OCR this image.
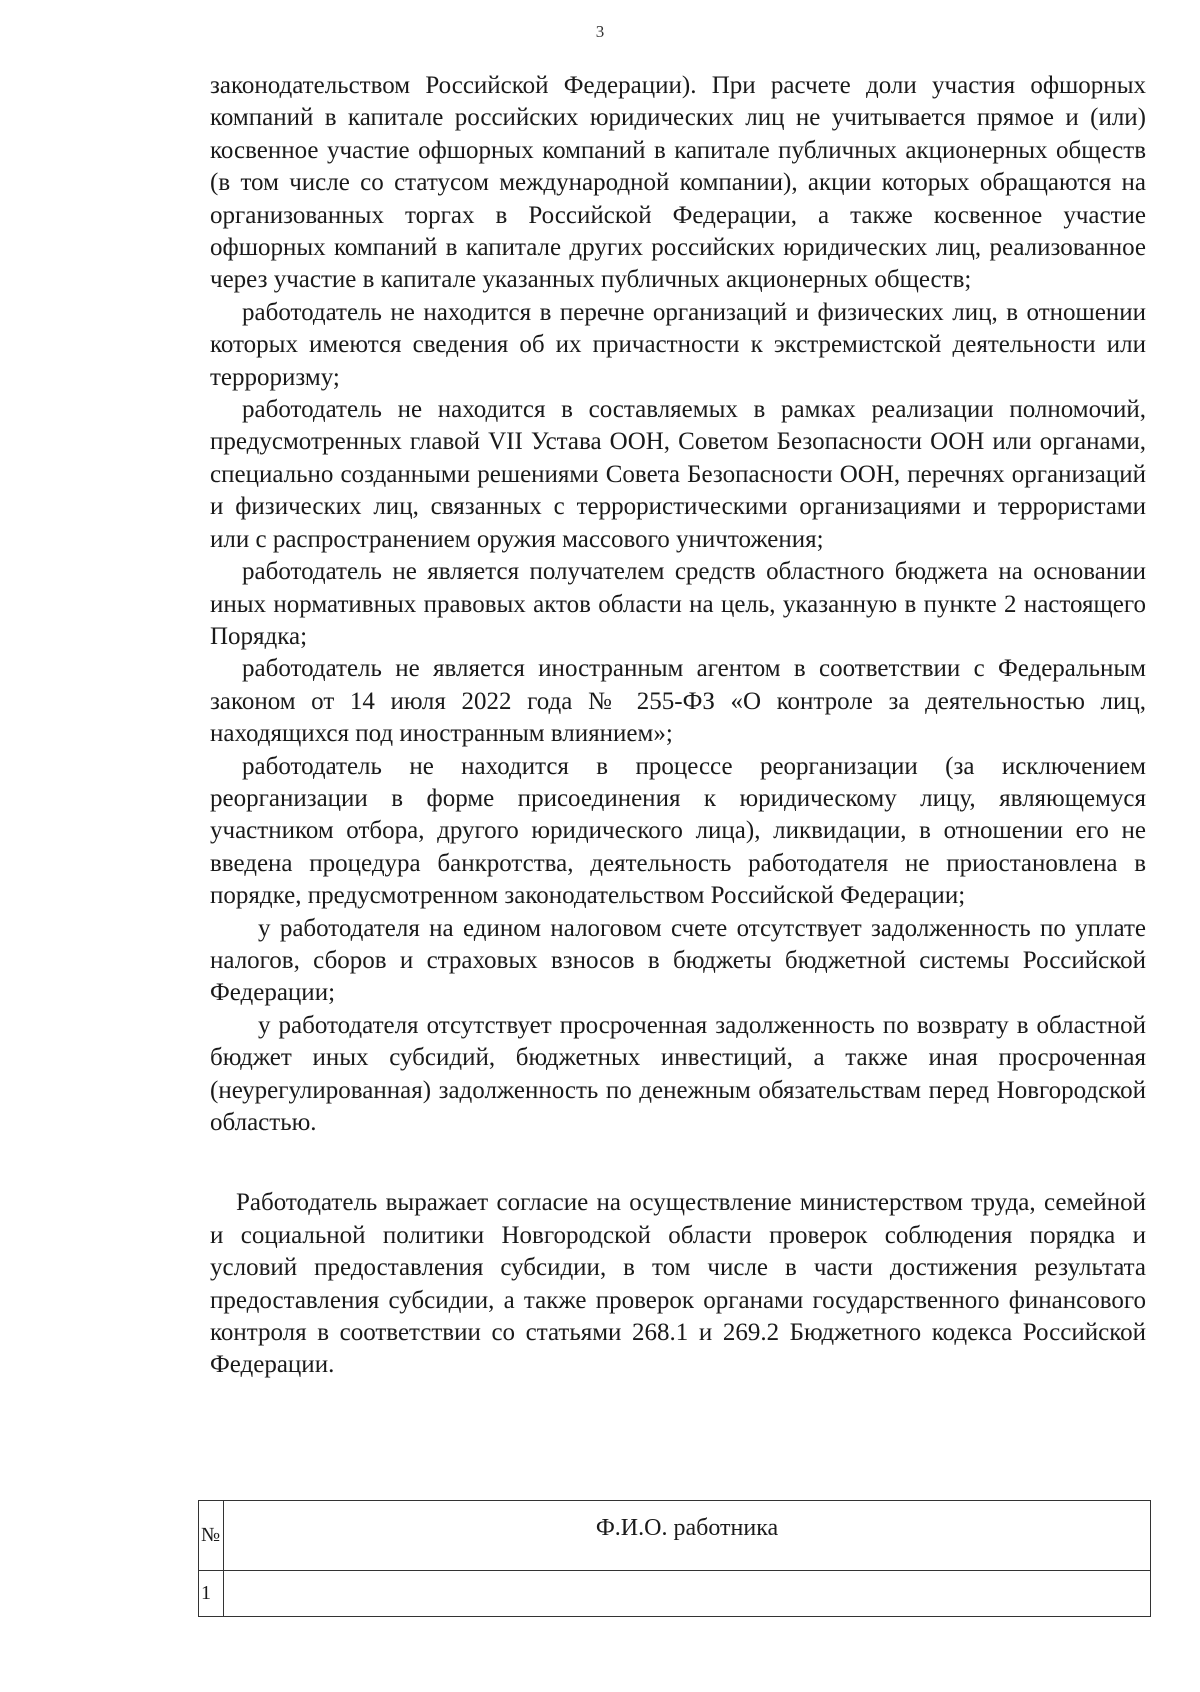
3

законодательством Российской Федерации). При расчете доли участия офшорных компаний в капитале российских юридических лиц не учитывается прямое и (или) косвенное участие офшорных компаний в капитале публичных акционерных обществ (в том числе со статусом международной компании), акции которых обращаются на организованных торгах в Российской Федерации, а также косвенное участие офшорных компаний в капитале других российских юридических лиц, реализованное через участие в капитале указанных публичных акционерных обществ;

работодатель не находится в перечне организаций и физических лиц, в отношении которых имеются сведения об их причастности к экстремистской деятельности или терроризму;

работодатель не находится в составляемых в рамках реализации полномочий, предусмотренных главой VII Устава ООН, Советом Безопасности ООН или органами, специально созданными решениями Совета Безопасности ООН, перечнях организаций и физических лиц, связанных с террористическими организациями и террористами или с распространением оружия массового уничтожения;

работодатель не является получателем средств областного бюджета на основании иных нормативных правовых актов области на цель, указанную в пункте 2 настоящего Порядка;

работодатель не является иностранным агентом в соответствии с Федеральным законом от 14 июля 2022 года № 255-ФЗ «О контроле за деятельностью лиц, находящихся под иностранным влиянием»;

работодатель не находится в процессе реорганизации (за исключением реорганизации в форме присоединения к юридическому лицу, являющемуся участником отбора, другого юридического лица), ликвидации, в отношении его не введена процедура банкротства, деятельность работодателя не приостановлена в порядке, предусмотренном законодательством Российской Федерации;

у работодателя на едином налоговом счете отсутствует задолженность по уплате налогов, сборов и страховых взносов в бюджеты бюджетной системы Российской Федерации;

у работодателя отсутствует просроченная задолженность по возврату в областной бюджет иных субсидий, бюджетных инвестиций, а также иная просроченная (неурегулированная) задолженность по денежным обязательствам перед Новгородской областью.

Работодатель выражает согласие на осуществление министерством труда, семейной и социальной политики Новгородской области проверок соблюдения порядка и условий предоставления субсидии, в том числе в части достижения результата предоставления субсидии, а также проверок органами государственного финансового контроля в соответствии со статьями 268.1 и 269.2 Бюджетного кодекса Российской Федерации.

№	Ф.И.О. работника
1	
